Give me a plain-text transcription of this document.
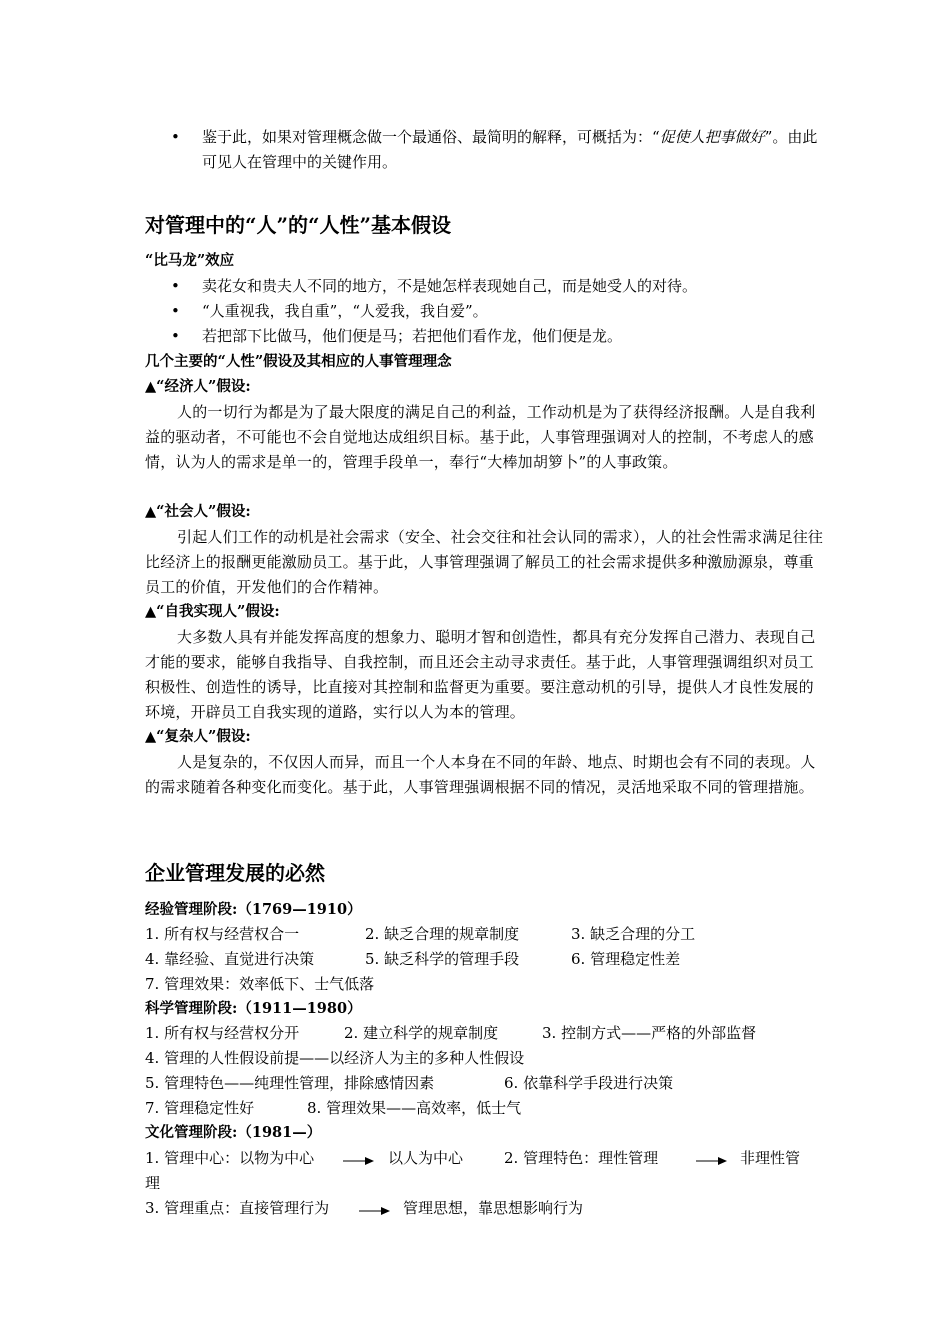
•	鉴于此，如果对管理概念做一个最通俗、最简明的解释，可概括为：“促使人把事做好”。由此可见人在管理中的关键作用。
对管理中的“人”的“人性”基本假设
“比马龙”效应
•	卖花女和贵夫人不同的地方，不是她怎样表现她自己，而是她受人的对待。
•	“人重视我，我自重”，“人爱我，我自爱”。
•	若把部下比做马，他们便是马；若把他们看作龙，他们便是龙。
几个主要的“人性”假设及其相应的人事管理理念
▲“经济人”假设:
人的一切行为都是为了最大限度的满足自己的利益，工作动机是为了获得经济报酬。人是自我利益的驱动者，不可能也不会自觉地达成组织目标。基于此，人事管理强调对人的控制，不考虑人的感情，认为人的需求是单一的，管理手段单一，奉行“大棒加胡箩卜”的人事政策。
▲“社会人”假设:
引起人们工作的动机是社会需求（安全、社会交往和社会认同的需求），人的社会性需求满足往往比经济上的报酬更能激励员工。基于此，人事管理强调了解员工的社会需求提供多种激励源泉，尊重员工的价值，开发他们的合作精神。
▲“自我实现人”假设:
大多数人具有并能发挥高度的想象力、聪明才智和创造性，都具有充分发挥自己潜力、表现自己才能的要求，能够自我指导、自我控制，而且还会主动寻求责任。基于此，人事管理强调组织对员工积极性、创造性的诱导，比直接对其控制和监督更为重要。要注意动机的引导，提供人才良性发展的环境，开辟员工自我实现的道路，实行以人为本的管理。
▲“复杂人”假设:
人是复杂的，不仅因人而异，而且一个人本身在不同的年龄、地点、时期也会有不同的表现。人的需求随着各种变化而变化。基于此，人事管理强调根据不同的情况，灵活地采取不同的管理措施。
企业管理发展的必然
经验管理阶段:（1769—1910）
1. 所有权与经营权合一	2. 缺乏合理的规章制度	3. 缺乏合理的分工
4. 靠经验、直觉进行决策	5. 缺乏科学的管理手段	6. 管理稳定性差
7. 管理效果：效率低下、士气低落
科学管理阶段:（1911—1980）
1. 所有权与经营权分开	2. 建立科学的规章制度	3. 控制方式——严格的外部监督
4. 管理的人性假设前提——以经济人为主的多种人性假设
5. 管理特色——纯理性管理，排除感情因素	6. 依靠科学手段进行决策
7. 管理稳定性好	8. 管理效果——高效率，低士气
文化管理阶段:（1981—）
1. 管理中心：以物为中心	以人为中心	2. 管理特色：理性管理	非理性管
理
3. 管理重点：直接管理行为	管理思想，靠思想影响行为
